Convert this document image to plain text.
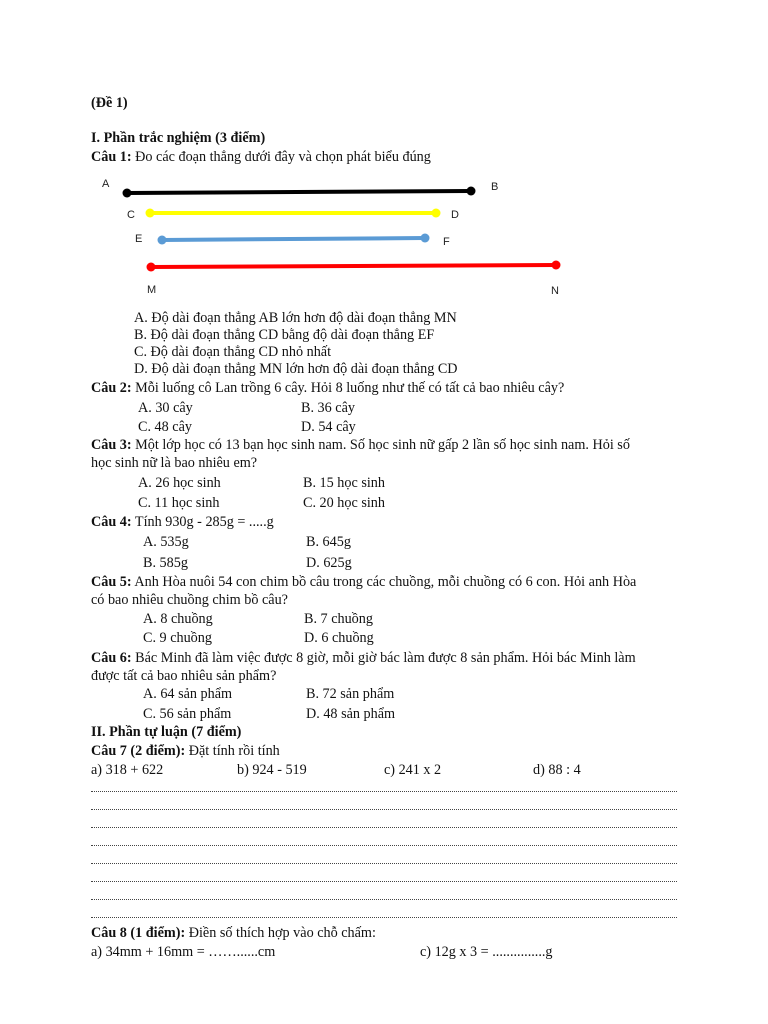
(Đề 1)
I. Phần trắc nghiệm (3 điểm)
Câu 1: Đo các đoạn thẳng dưới đây và chọn phát biểu đúng
A	B
C	D
E	F
M	N
A. Độ dài đoạn thẳng AB lớn hơn độ dài đoạn thẳng MN
B. Độ dài đoạn thẳng CD bằng độ dài đoạn thẳng EF
C. Độ dài đoạn thẳng CD nhỏ nhất
D. Độ dài đoạn thẳng MN lớn hơn độ dài đoạn thẳng CD
Câu 2: Mỗi luống cô Lan trồng 6 cây. Hỏi 8 luống như thế có tất cả bao nhiêu cây?
A. 30 cây	B. 36 cây
C. 48 cây	D. 54 cây
Câu 3: Một lớp học có 13 bạn học sinh nam. Số học sinh nữ gấp 2 lần số học sinh nam. Hỏi số
học sinh nữ là bao nhiêu em?
A. 26 học sinh	B. 15 học sinh
C. 11 học sinh	C. 20 học sinh
Câu 4: Tính 930g - 285g = .....g
A. 535g	B. 645g
B. 585g	D. 625g
Câu 5: Anh Hòa nuôi 54 con chim bồ câu trong các chuồng, mỗi chuồng có 6 con. Hỏi anh Hòa
có bao nhiêu chuồng chim bồ câu?
A. 8 chuồng	B. 7 chuồng
C. 9 chuồng	D. 6 chuồng
Câu 6: Bác Minh đã làm việc được 8 giờ, mỗi giờ bác làm được 8 sản phẩm. Hỏi bác Minh làm
được tất cả bao nhiêu sản phẩm?
A. 64 sản phẩm	B. 72 sản phẩm
C. 56 sản phẩm	D. 48 sản phẩm
II. Phần tự luận (7 điểm)
Câu 7 (2 điểm): Đặt tính rồi tính
a) 318 + 622	b) 924 - 519	c) 241 x 2	d) 88 : 4
Câu 8 (1 điểm): Điền số thích hợp vào chỗ chấm:
a) 34mm + 16mm = ……......cm	c) 12g x 3 = ...............g
